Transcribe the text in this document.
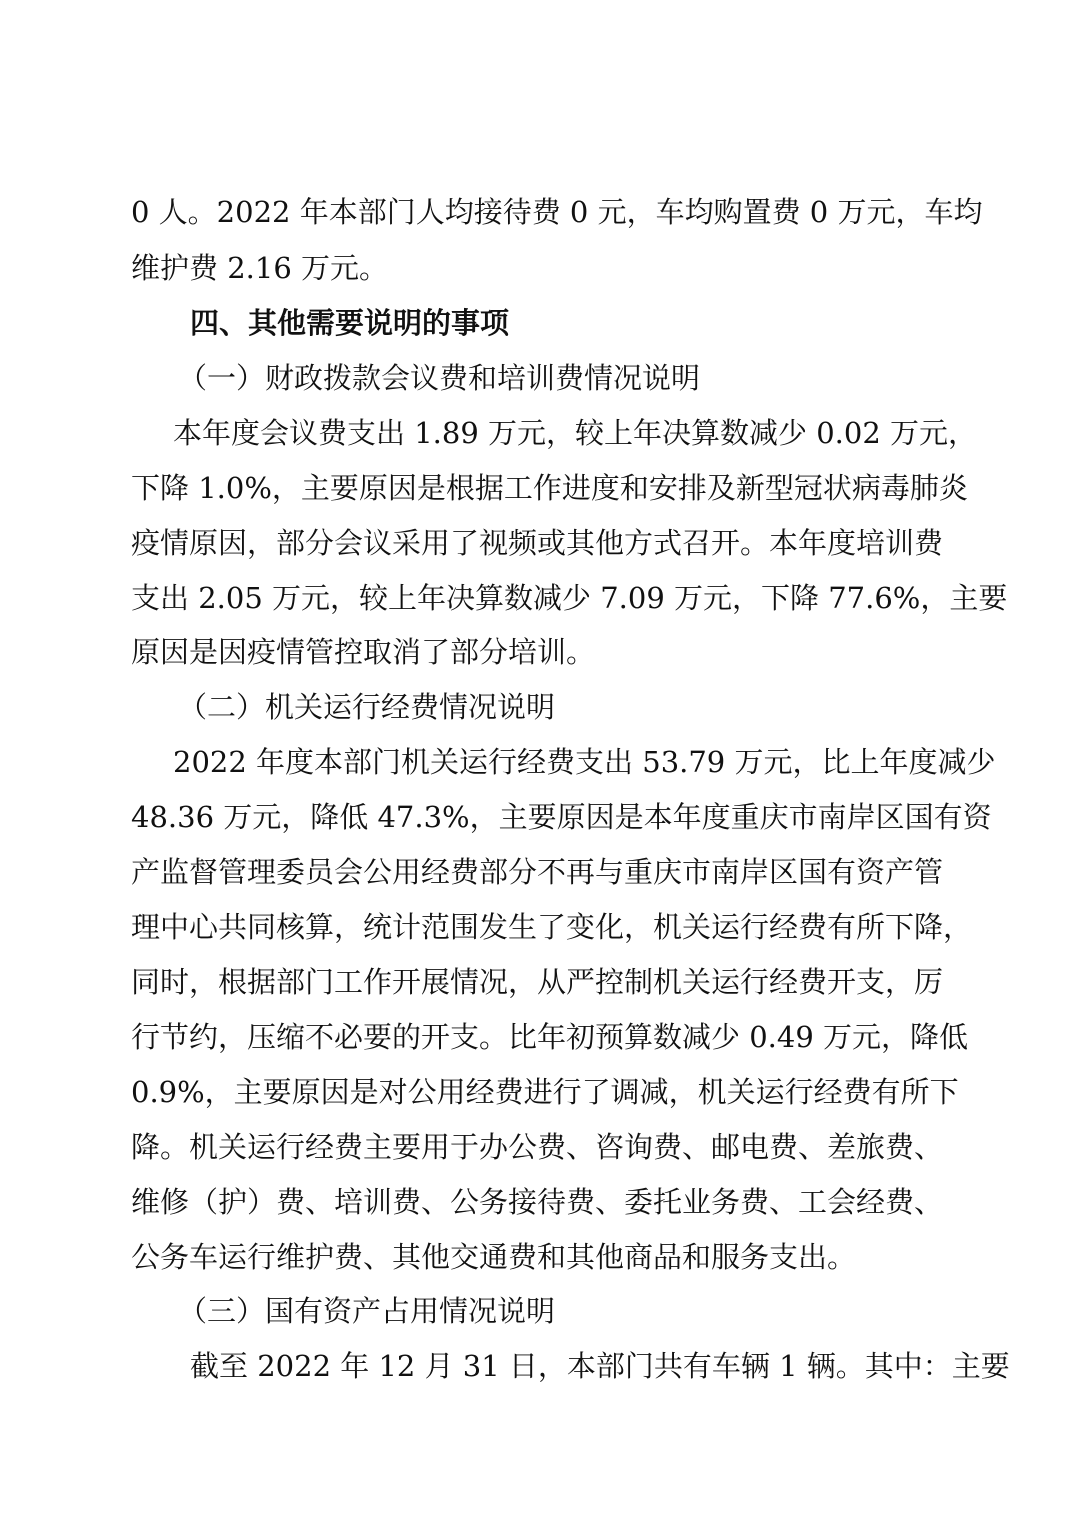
0 人。2022 年本部门人均接待费 0 元，车均购置费 0 万元，车均
维护费 2.16 万元。
四、其他需要说明的事项
（一）财政拨款会议费和培训费情况说明
本年度会议费支出 1.89 万元，较上年决算数减少 0.02 万元，
下降 1.0%，主要原因是根据工作进度和安排及新型冠状病毒肺炎
疫情原因，部分会议采用了视频或其他方式召开。本年度培训费
支出 2.05 万元，较上年决算数减少 7.09 万元，下降 77.6%，主要
原因是因疫情管控取消了部分培训。
（二）机关运行经费情况说明
2022 年度本部门机关运行经费支出 53.79 万元，比上年度减少
48.36 万元，降低 47.3%，主要原因是本年度重庆市南岸区国有资
产监督管理委员会公用经费部分不再与重庆市南岸区国有资产管
理中心共同核算，统计范围发生了变化，机关运行经费有所下降，
同时，根据部门工作开展情况，从严控制机关运行经费开支，厉
行节约，压缩不必要的开支。比年初预算数减少 0.49 万元，降低
0.9%，主要原因是对公用经费进行了调减，机关运行经费有所下
降。机关运行经费主要用于办公费、咨询费、邮电费、差旅费、
维修（护）费、培训费、公务接待费、委托业务费、工会经费、
公务车运行维护费、其他交通费和其他商品和服务支出。
（三）国有资产占用情况说明
截至 2022 年 12 月 31 日，本部门共有车辆 1 辆。其中：主要
